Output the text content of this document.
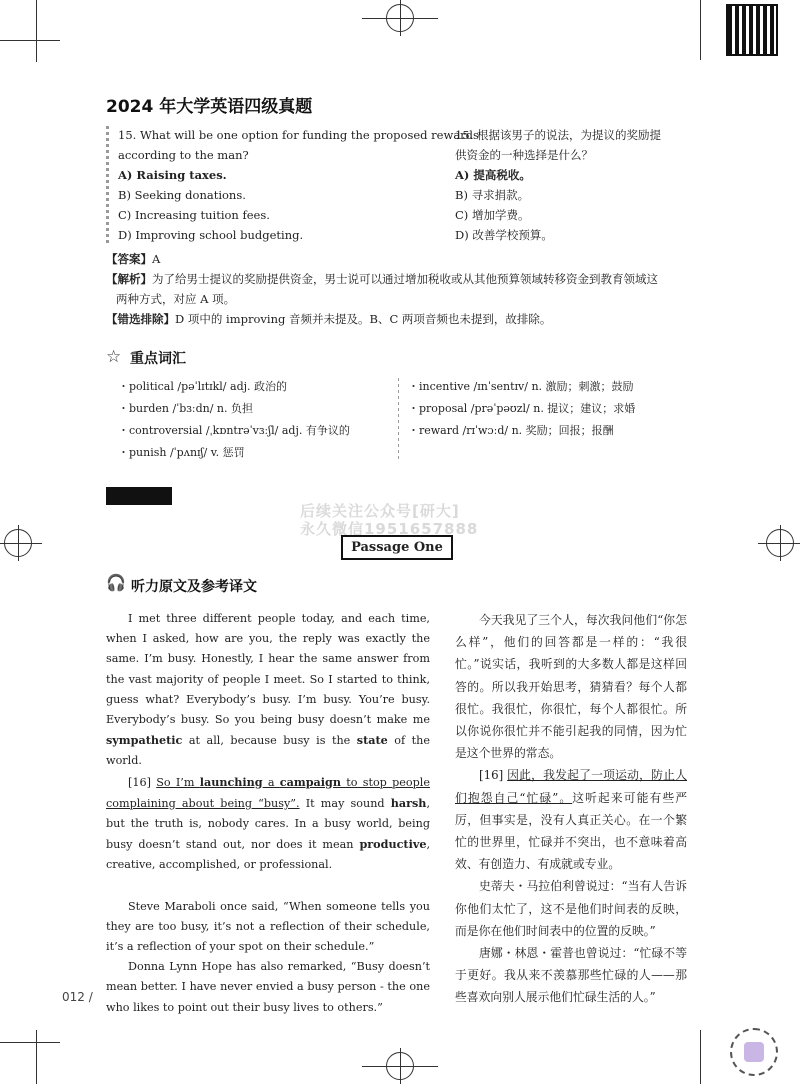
2024 年大学英语四级真题
15. What will be one option for funding the proposed rewards
according to the man?
A) Raising taxes.
B) Seeking donations.
C) Increasing tuition fees.
D) Improving school budgeting.
15. 根据该男子的说法，为提议的奖励提
供资金的一种选择是什么？
A) 提高税收。
B) 寻求捐款。
C) 增加学费。
D) 改善学校预算。
【答案】A
【解析】为了给男士提议的奖励提供资金，男士说可以通过增加税收或从其他预算领域转移资金到教育领域这
两种方式，对应 A 项。
【错选排除】D 项中的 improving 音频并未提及。B、C 两项音频也未提到，故排除。
☆ 重点词汇
・political /pəˈlɪtɪkl/ adj. 政治的
・burden /ˈbɜːdn/ n. 负担
・controversial /ˌkɒntrəˈvɜːʃl/ adj. 有争议的
・punish /ˈpʌnɪʃ/ v. 惩罚
・incentive /ɪnˈsentɪv/ n. 激励；刺激；鼓励
・proposal /prəˈpəʊzl/ n. 提议；建议；求婚
・reward /rɪˈwɔːd/ n. 奖励；回报；报酬
后续关注公众号[研大]
永久微信1951657888
Passage One
🎧 听力原文及参考译文

I met three different people today, and each time, when I asked, how are you, the reply was exactly the same. I’m busy. Honestly, I hear the same answer from the vast majority of people I meet. So I started to think, guess what? Everybody’s busy. I’m busy. You’re busy. Everybody’s busy. So you being busy doesn’t make me sympathetic at all, because busy is the state of the world.

[16] So I’m launching a campaign to stop people complaining about being “busy”. It may sound harsh, but the truth is, nobody cares. In a busy world, being busy doesn’t stand out, nor does it mean productive, creative, accomplished, or professional.

Steve Maraboli once said, “When someone tells you they are too busy, it’s not a reflection of their schedule, it’s a reflection of your spot on their schedule.”

Donna Lynn Hope has also remarked, “Busy doesn’t mean better. I have never envied a busy person - the one who likes to point out their busy lives to others.”

今天我见了三个人，每次我问他们“你怎么样”，他们的回答都是一样的：“我很忙。”说实话，我听到的大多数人都是这样回答的。所以我开始思考，猜猜看？每个人都很忙。我很忙，你很忙，每个人都很忙。所以你说你很忙并不能引起我的同情，因为忙是这个世界的常态。

[16] 因此，我发起了一项运动，防止人们抱怨自己“忙碌”。这听起来可能有些严厉，但事实是，没有人真正关心。在一个繁忙的世界里，忙碌并不突出，也不意味着高效、有创造力、有成就或专业。

史蒂夫・马拉伯利曾说过：“当有人告诉你他们太忙了，这不是他们时间表的反映，而是你在他们时间表中的位置的反映。”

唐娜・林恩・霍普也曾说过：“忙碌不等于更好。我从来不羡慕那些忙碌的人——那些喜欢向别人展示他们忙碌生活的人。”

012 /
